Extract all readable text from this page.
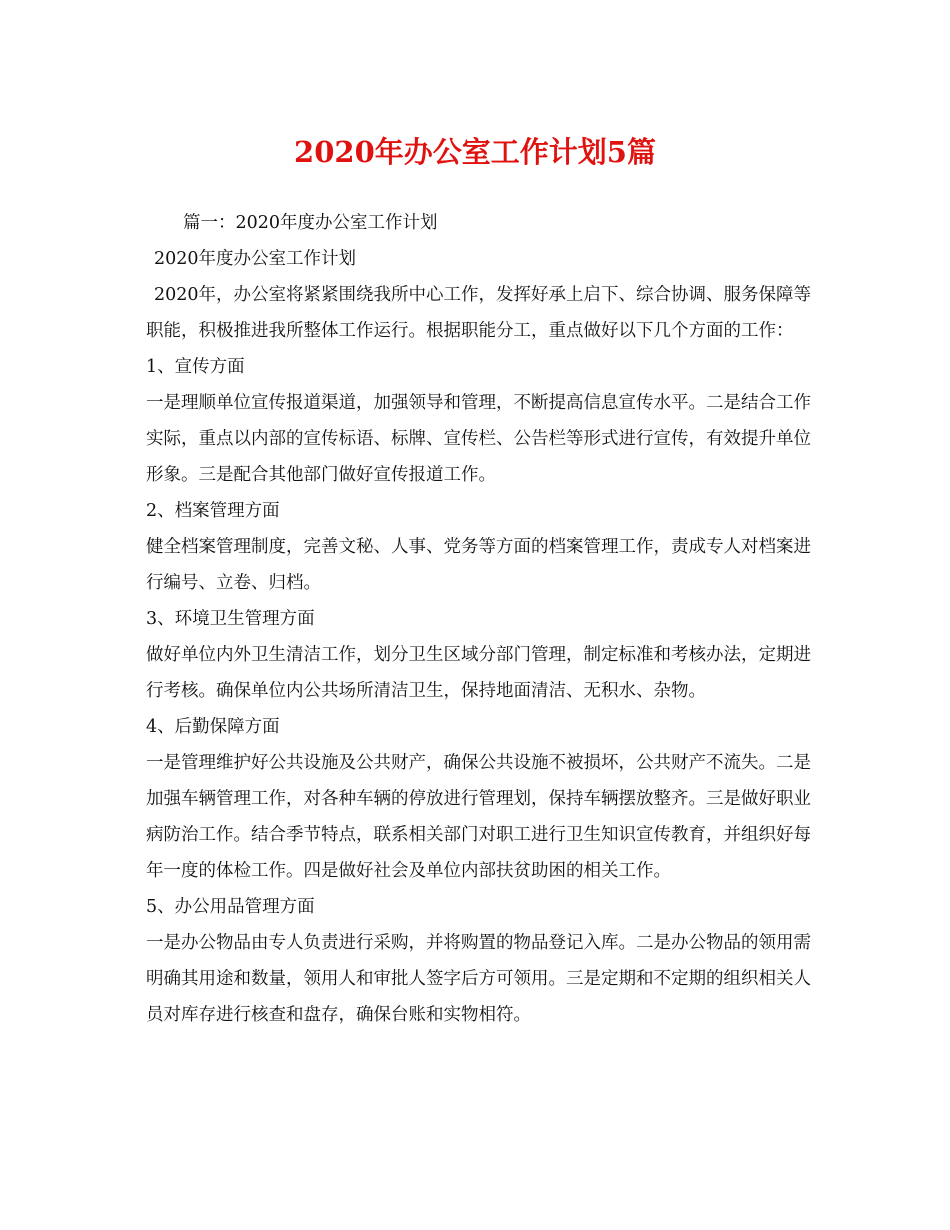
2020年办公室工作计划5篇

篇一：2020年度办公室工作计划

2020年度办公室工作计划

2020年，办公室将紧紧围绕我所中心工作，发挥好承上启下、综合协调、服务保障等职能，积极推进我所整体工作运行。根据职能分工，重点做好以下几个方面的工作：

1、宣传方面

一是理顺单位宣传报道渠道，加强领导和管理，不断提高信息宣传水平。二是结合工作实际，重点以内部的宣传标语、标牌、宣传栏、公告栏等形式进行宣传，有效提升单位形象。三是配合其他部门做好宣传报道工作。

2、档案管理方面

健全档案管理制度，完善文秘、人事、党务等方面的档案管理工作，责成专人对档案进行编号、立卷、归档。

3、环境卫生管理方面

做好单位内外卫生清洁工作，划分卫生区域分部门管理，制定标准和考核办法，定期进行考核。确保单位内公共场所清洁卫生，保持地面清洁、无积水、杂物。

4、后勤保障方面

一是管理维护好公共设施及公共财产，确保公共设施不被损坏，公共财产不流失。二是加强车辆管理工作，对各种车辆的停放进行管理划，保持车辆摆放整齐。三是做好职业病防治工作。结合季节特点，联系相关部门对职工进行卫生知识宣传教育，并组织好每年一度的体检工作。四是做好社会及单位内部扶贫助困的相关工作。

5、办公用品管理方面

一是办公物品由专人负责进行采购，并将购置的物品登记入库。二是办公物品的领用需明确其用途和数量，领用人和审批人签字后方可领用。三是定期和不定期的组织相关人员对库存进行核查和盘存，确保台账和实物相符。
